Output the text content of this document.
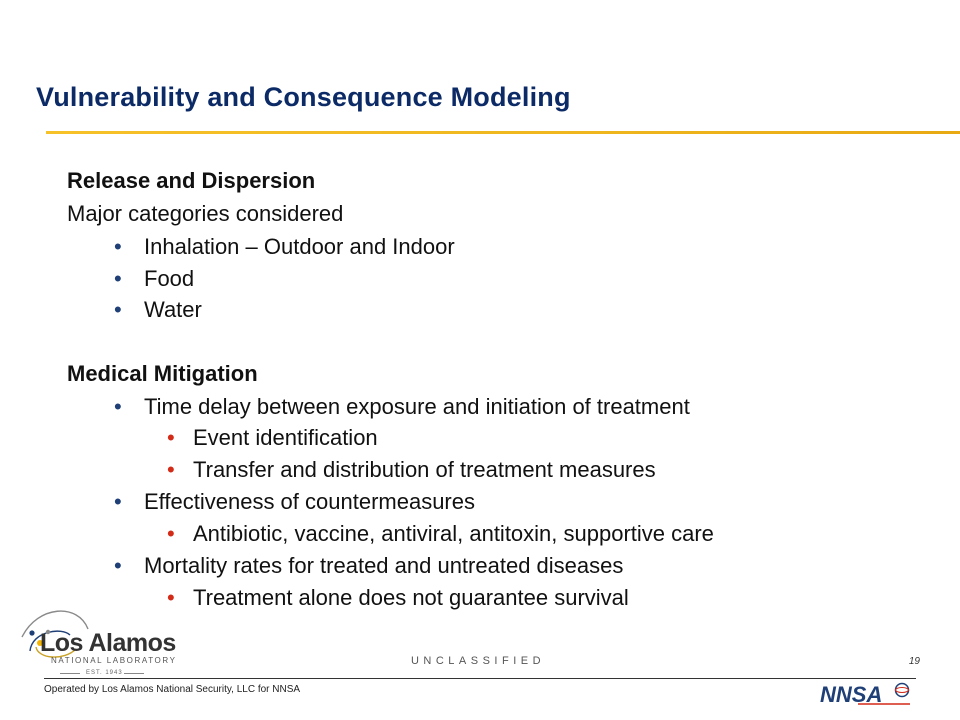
Vulnerability and Consequence Modeling
Release and Dispersion
Major categories considered
• Inhalation – Outdoor and Indoor
• Food
• Water
Medical Mitigation
• Time delay between exposure and initiation of treatment
• Event identification
• Transfer and distribution of treatment measures
• Effectiveness of countermeasures
• Antibiotic, vaccine, antiviral, antitoxin, supportive care
• Mortality rates for treated and untreated diseases
• Treatment alone does not guarantee survival
Los Alamos
NATIONAL LABORATORY
EST. 1943
UNCLASSIFIED	19
Operated by Los Alamos National Security, LLC for NNSA	NNSA
